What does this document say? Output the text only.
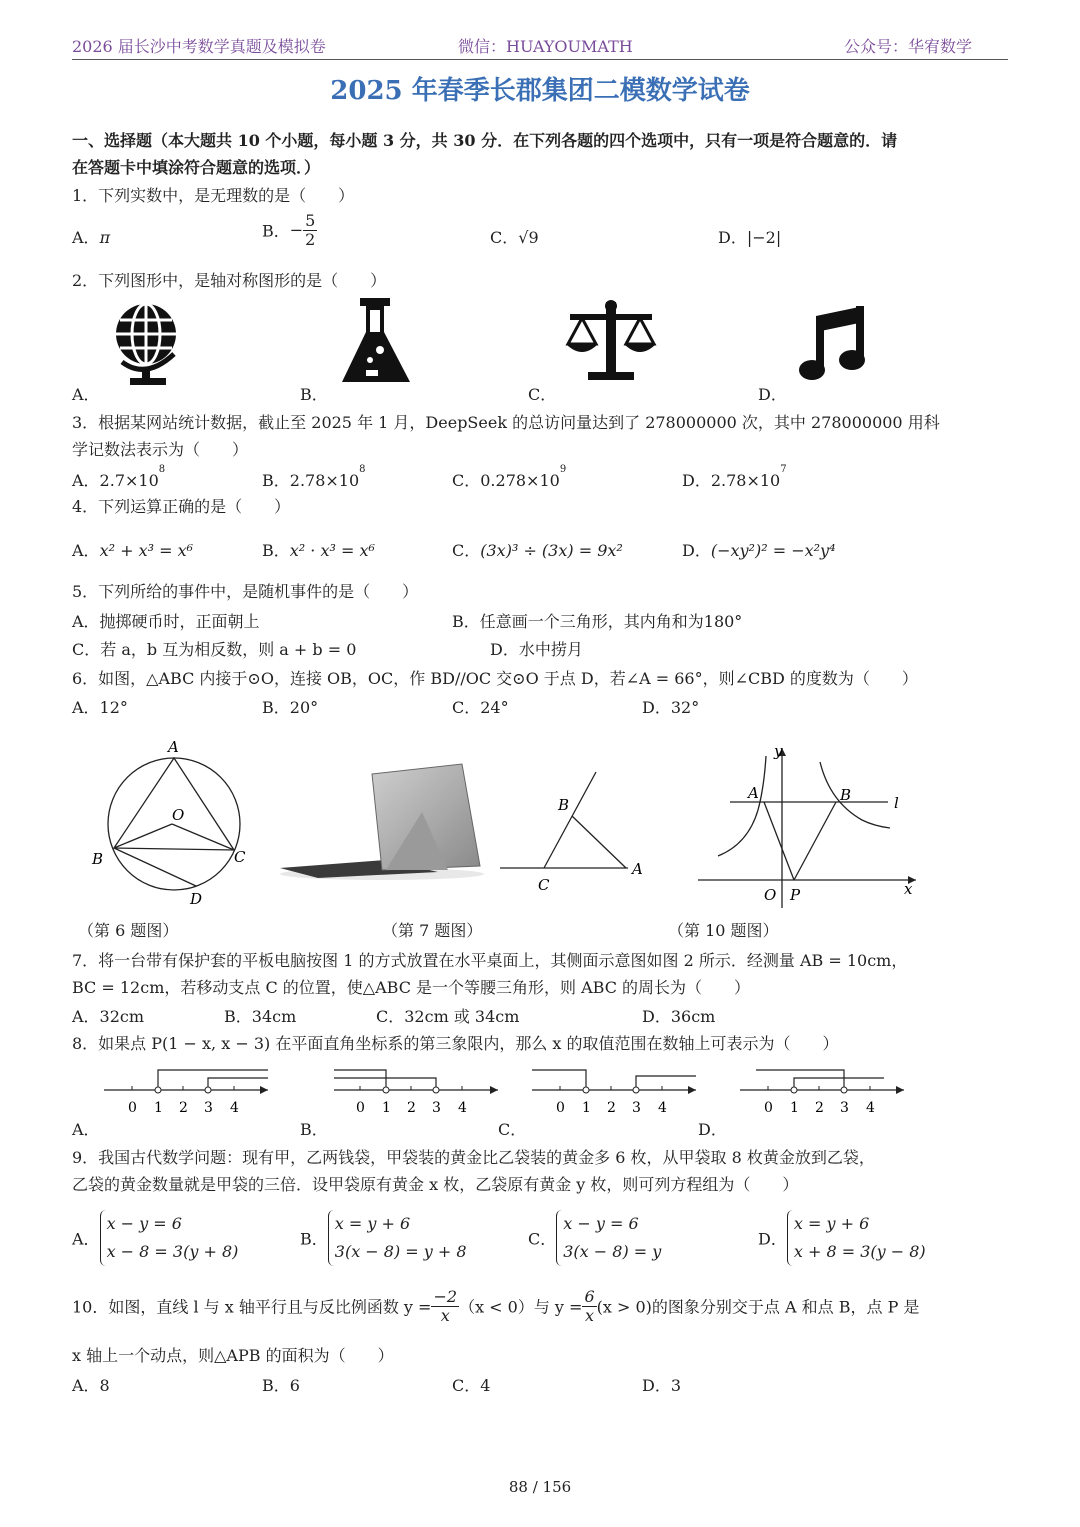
2026 届长沙中考数学真题及模拟卷	微信：HUAYOUMATH	公众号：华宥数学
2025 年春季长郡集团二模数学试卷
一、选择题（本大题共 10 个小题，每小题 3 分，共 30 分．在下列各题的四个选项中，只有一项是符合题意的．请
在答题卡中填涂符合题意的选项．）
1．下列实数中，是无理数的是（　　）
A．π	B．− $\frac{5}{2}$	C．√9	D．|−2|
2．下列图形中，是轴对称图形的是（　　）
A．	B．	C．	D．
3．根据某网站统计数据，截止至 2025 年 1 月，DeepSeek 的总访问量达到了 278000000 次，其中 278000000 用科
学记数法表示为（　　）
A．$2.7\times 10^8$
B．$2.78\times 10^8$
C．$0.278\times 10^9$
D．$2.78\times 10^7$
4．下列运算正确的是（　　）
A．x² + x³ = x⁶	B．x² · x³ = x⁶	C．(3x)³ ÷ (3x) = 9x²	D．(−xy²)² = −x²y⁴
5．下列所给的事件中，是随机事件的是（　　）
A．抛掷硬币时，正面朝上	B．任意画一个三角形，其内角和为180°
C．若 a，b 互为相反数，则 a + b = 0	D．水中捞月
6．如图，△ABC 内接于⊙O，连接 OB，OC，作 BD//OC 交⊙O 于点 D，若∠A = 66°，则∠CBD 的度数为（　　）
A．12°	B．20°	C．24°	D．32°
A
O
B	C
D
B
C
A
y
x
A	B	l
O P
（第 6 题图）	（第 7 题图）	（第 10 题图）
7．将一台带有保护套的平板电脑按图 1 的方式放置在水平桌面上，其侧面示意图如图 2 所示．经测量 AB = 10cm，
BC = 12cm，若移动支点 C 的位置，使△ABC 是一个等腰三角形，则 ABC 的周长为（　　）
A．32cm	B．34cm	C．32cm 或 34cm	D．36cm
8．如果点 P(1 − x, x − 3) 在平面直角坐标系的第三象限内，那么 x 的取值范围在数轴上可表示为（　　）
0 1 2 3 4	0 1 2 3 4	0 1 2 3 4	0 1 2 3 4
A．	B．	C．	D．
9．我国古代数学问题：现有甲，乙两钱袋，甲袋装的黄金比乙袋装的黄金多 6 枚，从甲袋取 8 枚黄金放到乙袋，
乙袋的黄金数量就是甲袋的三倍．设甲袋原有黄金 x 枚，乙袋原有黄金 y 枚，则可列方程组为（　　）
A．x − y = 6
x − 8 = 3(y + 8)
B．x = y + 6
3(x − 8) = y + 8
C．x − y = 6
3(x − 8) = y
D．x = y + 6
x + 8 = 3(y − 8)
10．如图，直线 l 与 x 轴平行且与反比例函数 $y = \frac{-2}{x} (x < 0)$与 $y = \frac{6}{x} (x > 0)$的图象分别交于点 A 和点 B，点 P 是
x 轴上一个动点，则△APB 的面积为（　　）
A．8	B．6	C．4	D．3
88 / 156
